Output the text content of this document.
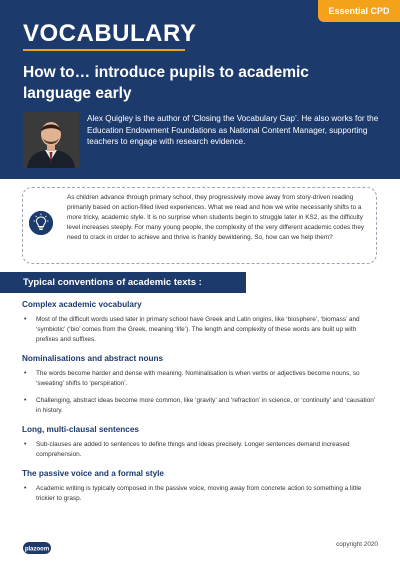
Essential CPD
VOCABULARY
How to… introduce pupils to academic language early
Alex Quigley is the author of ‘Closing the Vocabulary Gap’. He also works for the Education Endowment Foundations as National Content Manager, supporting teachers to engage with research evidence.
As children advance through primary school, they progressively move away from story-driven reading primarily based on action-filled lived experiences. What we read and how we write necessarily shifts to a more tricky, academic style. It is no surprise when students begin to struggle later in KS2, as the difficulty level increases steeply. For many young people, the complexity of the very different academic codes they need to crack in order to achieve and thrive is frankly bewildering. So, how can we help them?
Typical conventions of academic texts :
Complex academic vocabulary
• Most of the difficult words used later in primary school have Greek and Latin origins, like ‘biosphere’, ‘biomass’ and ‘symbiotic’ (‘bio’ comes from the Greek, meaning ‘life’). The length and complexity of these words are built up with prefixes and suffixes.
Nominalisations and abstract nouns
• The words become harder and dense with meaning. Nominalisation is when verbs or adjectives become nouns, so ‘sweating’ shifts to ‘perspiration’.
• Challenging, abstract ideas become more common, like ‘gravity’ and ‘refraction’ in science, or ‘continuity’ and ‘causation’ in history.
Long, multi-clausal sentences
• Sub-clauses are added to sentences to define things and ideas precisely. Longer sentences demand increased comprehension.
The passive voice and a formal style
• Academic writing is typically composed in the passive voice, moving away from concrete action to something a little trickier to grasp.
plazoom
copyright 2020
